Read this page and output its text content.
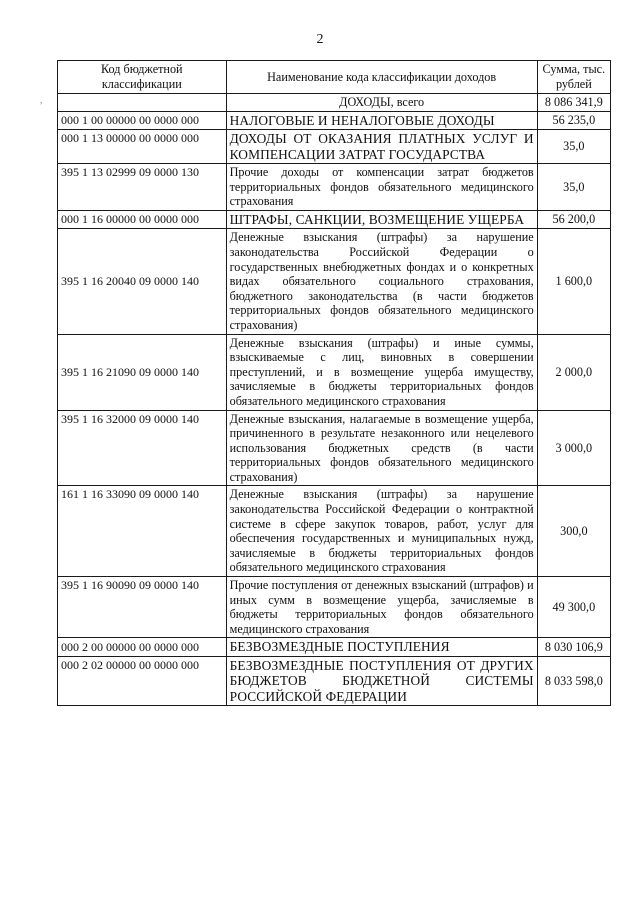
2
Код бюджетной классификации	Наименование кода классификации доходов	Сумма, тыс. рублей
	ДОХОДЫ, всего	8 086 341,9
000 1 00 00000 00 0000 000	НАЛОГОВЫЕ И НЕНАЛОГОВЫЕ ДОХОДЫ	56 235,0
000 1 13 00000 00 0000 000	ДОХОДЫ ОТ ОКАЗАНИЯ ПЛАТНЫХ УСЛУГ И КОМПЕНСАЦИИ ЗАТРАТ ГОСУДАРСТВА	35,0
395 1 13 02999 09 0000 130	Прочие доходы от компенсации затрат бюджетов территориальных фондов обязательного медицинского страхования	35,0
000 1 16 00000 00 0000 000	ШТРАФЫ, САНКЦИИ, ВОЗМЕЩЕНИЕ УЩЕРБА	56 200,0
395 1 16 20040 09 0000 140	Денежные взыскания (штрафы) за нарушение законодательства Российской Федерации о государственных внебюджетных фондах и о конкретных видах обязательного социального страхования, бюджетного законодательства (в части бюджетов территориальных фондов обязательного медицинского страхования)	1 600,0
395 1 16 21090 09 0000 140	Денежные взыскания (штрафы) и иные суммы, взыскиваемые с лиц, виновных в совершении преступлений, и в возмещение ущерба имуществу, зачисляемые в бюджеты территориальных фондов обязательного медицинского страхования	2 000,0
395 1 16 32000 09 0000 140	Денежные взыскания, налагаемые в возмещение ущерба, причиненного в результате незаконного или нецелевого использования бюджетных средств (в части территориальных фондов обязательного медицинского страхования)	3 000,0
161 1 16 33090 09 0000 140	Денежные взыскания (штрафы) за нарушение законодательства Российской Федерации о контрактной системе в сфере закупок товаров, работ, услуг для обеспечения государственных и муниципальных нужд, зачисляемые в бюджеты территориальных фондов обязательного медицинского страхования	300,0
395 1 16 90090 09 0000 140	Прочие поступления от денежных взысканий (штрафов) и иных сумм в возмещение ущерба, зачисляемые в бюджеты территориальных фондов обязательного медицинского страхования	49 300,0
000 2 00 00000 00 0000 000	БЕЗВОЗМЕЗДНЫЕ ПОСТУПЛЕНИЯ	8 030 106,9
000 2 02 00000 00 0000 000	БЕЗВОЗМЕЗДНЫЕ ПОСТУПЛЕНИЯ ОТ ДРУГИХ БЮДЖЕТОВ БЮДЖЕТНОЙ СИСТЕМЫ РОССИЙСКОЙ ФЕДЕРАЦИИ	8 033 598,0
,
